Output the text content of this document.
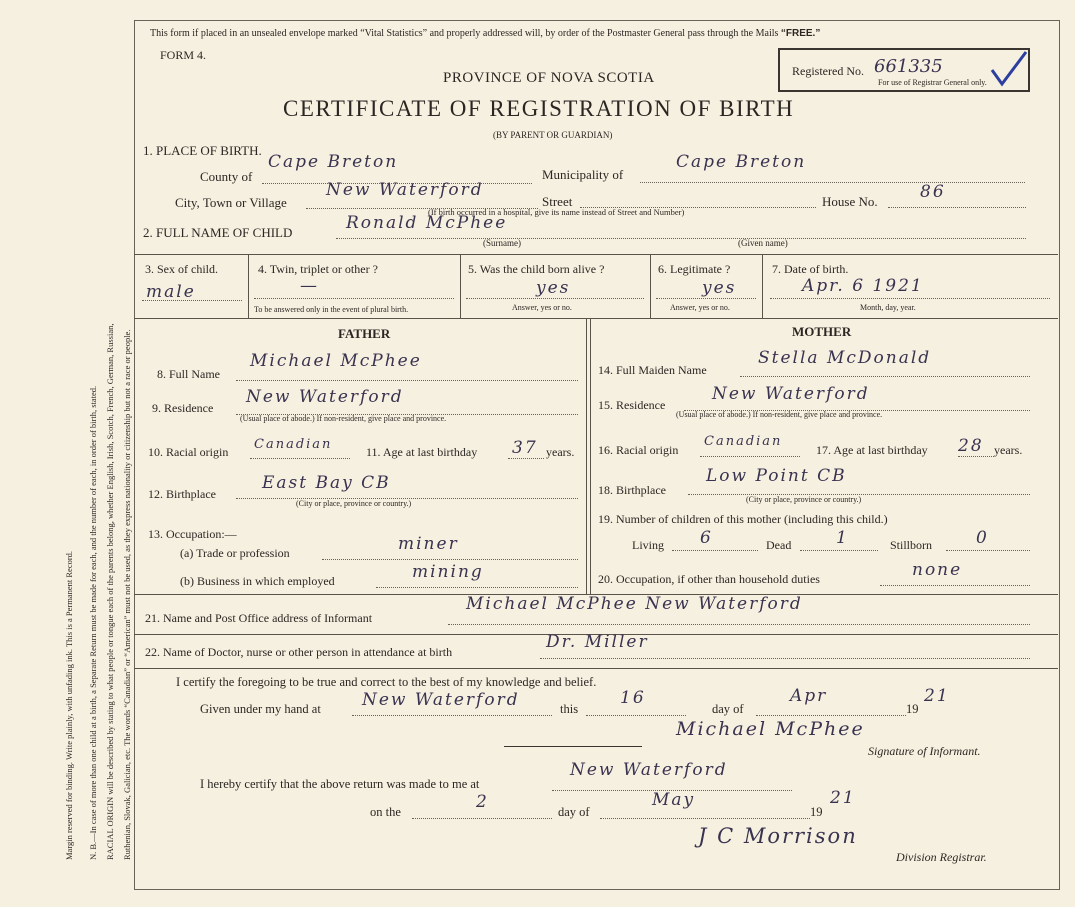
Margin reserved for binding. Write plainly, with unfading ink. This is a Permanent Record. N. B.—In case of more than one child at a birth, a Separate Return must be made for each, and the number of each, in order of birth, stated. RACIAL ORIGIN will be described by stating to what people or tongue each of the parents belong, whether English, Irish, Scotch, French, German, Russian, Ruthenian, Slovak, Galician, etc. The words “Canadian” or “American” must not be used, as they express nationality or citizenship but not a race or people.
This form if placed in an unsealed envelope marked “Vital Statistics” and properly addressed will, by order of the Postmaster General pass through the Mails “FREE.”
FORM 4.
Registered No. 661335
For use of Registrar General only.
PROVINCE OF NOVA SCOTIA
CERTIFICATE OF REGISTRATION OF BIRTH
(BY PARENT OR GUARDIAN)
1. PLACE OF BIRTH.
County of
Cape Breton
Municipality of
Cape Breton
City, Town or Village
New Waterford
Street
(If birth occurred in a hospital, give its name instead of Street and Number)
House No. 86
2. FULL NAME OF CHILD	Ronald McPhee
(Surname)	(Given name)
3. Sex of child.
male
4. Twin, triplet or other ?
—
To be answered only in the event of plural birth.
5. Was the child born alive ?
yes
Answer, yes or no.
6. Legitimate ?
yes
Answer, yes or no.
7. Date of birth.
Apr. 6 1921
Month, day, year.
FATHER	MOTHER
8. Full Name
Michael McPhee
9. Residence
New Waterford
(Usual place of abode.) If non-resident, give place and province.
10. Racial origin Canadian	11. Age at last birthday 37 years.
12. Birthplace
East Bay CB
(City or place, province or country.)
13. Occupation:—
(a) Trade or profession	miner
(b) Business in which employed	mining
14. Full Maiden Name
Stella McDonald
15. Residence
New Waterford
(Usual place of abode.) If non-resident, give place and province.
16. Racial origin
Canadian
17. Age at last birthday 28 years.
18. Birthplace
Low Point CB
(City or place, province or country.)
19. Number of children of this mother (including this child.)
Living 6	Dead	1	Stillborn	0
20. Occupation, if other than household duties	none
21. Name and Post Office address of Informant
Michael McPhee New Waterford
22. Name of Doctor, nurse or other person in attendance at birth	Dr. Miller
I certify the foregoing to be true and correct to the best of my knowledge and belief.
Given under my hand at New Waterford	this
16
day of
Apr
19
21
Michael McPhee
Signature of Informant.
I hereby certify that the above return was made to me at
New Waterford
on the	2	day of
May
19
21
J C Morrison
Division Registrar.
